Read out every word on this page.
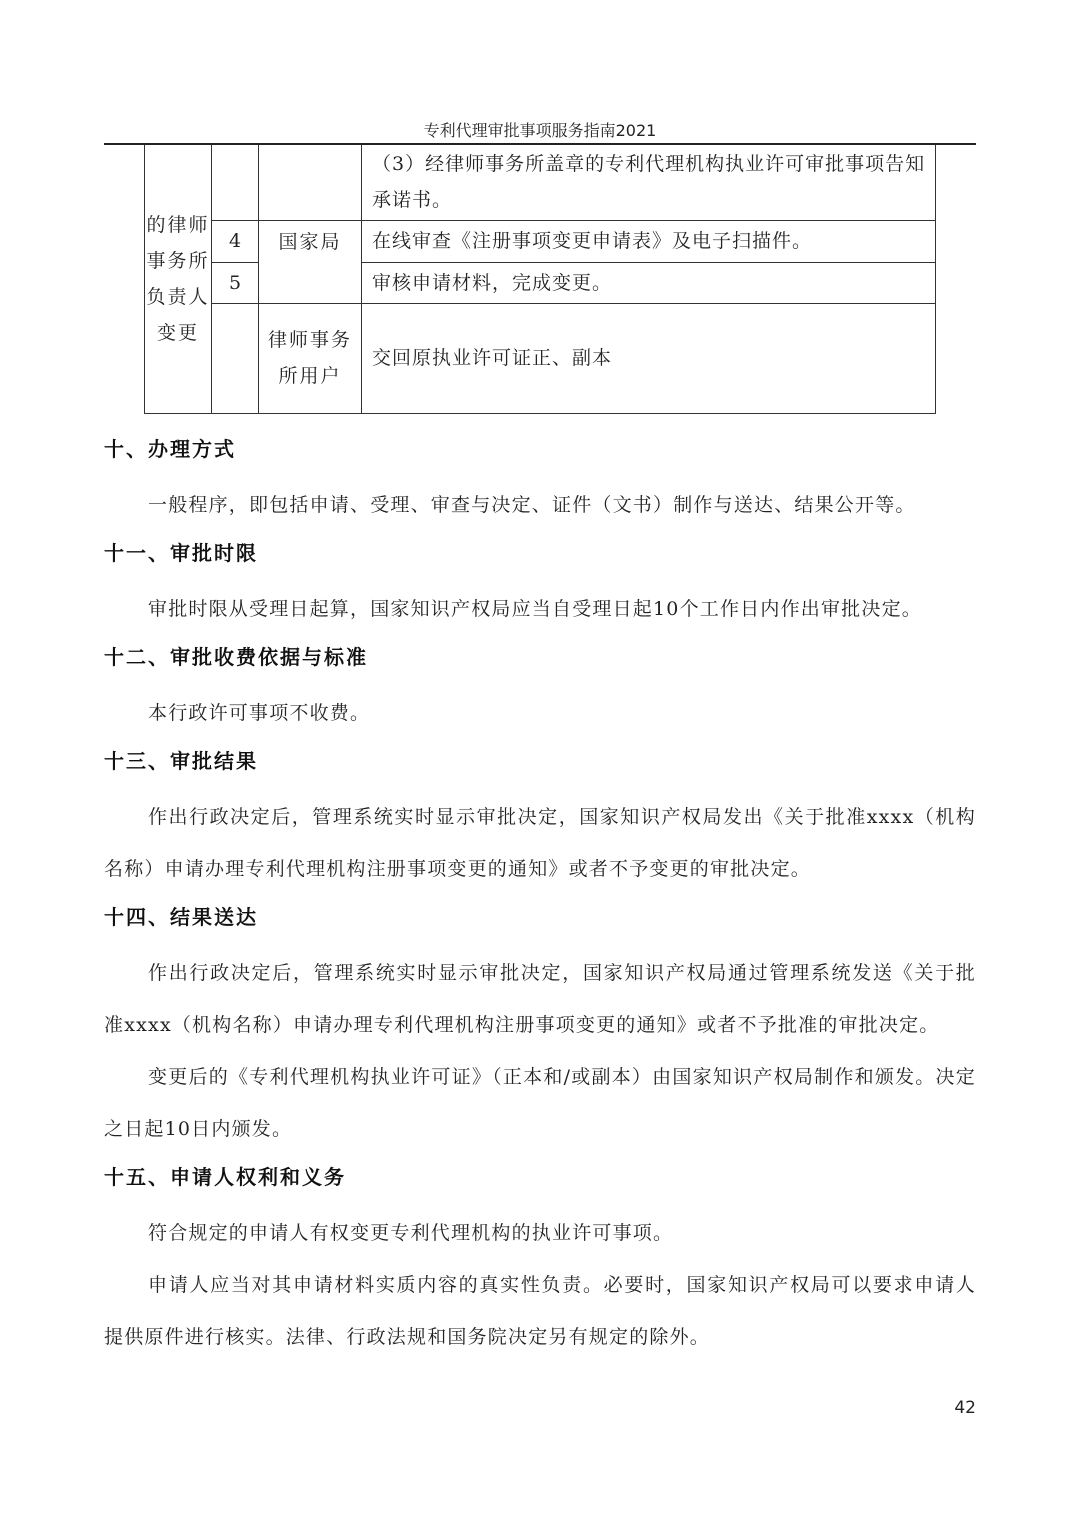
专利代理审批事项服务指南2021
的律师事务所负责人变更			（3）经律师事务所盖章的专利代理机构执业许可审批事项告知承诺书。
	4	国家局	在线审查《注册事项变更申请表》及电子扫描件。
	5		审核申请材料，完成变更。
		律师事务所用户	交回原执业许可证正、副本
十、办理方式

一般程序，即包括申请、受理、审查与决定、证件（文书）制作与送达、结果公开等。

十一、审批时限

审批时限从受理日起算，国家知识产权局应当自受理日起10个工作日内作出审批决定。

十二、审批收费依据与标准

本行政许可事项不收费。

十三、审批结果

作出行政决定后，管理系统实时显示审批决定，国家知识产权局发出《关于批准xxxx（机构名称）申请办理专利代理机构注册事项变更的通知》或者不予变更的审批决定。

十四、结果送达

作出行政决定后，管理系统实时显示审批决定，国家知识产权局通过管理系统发送《关于批准xxxx（机构名称）申请办理专利代理机构注册事项变更的通知》或者不予批准的审批决定。

变更后的《专利代理机构执业许可证》（正本和/或副本）由国家知识产权局制作和颁发。决定之日起10日内颁发。

十五、申请人权利和义务

符合规定的申请人有权变更专利代理机构的执业许可事项。

申请人应当对其申请材料实质内容的真实性负责。必要时，国家知识产权局可以要求申请人提供原件进行核实。法律、行政法规和国务院决定另有规定的除外。

42
